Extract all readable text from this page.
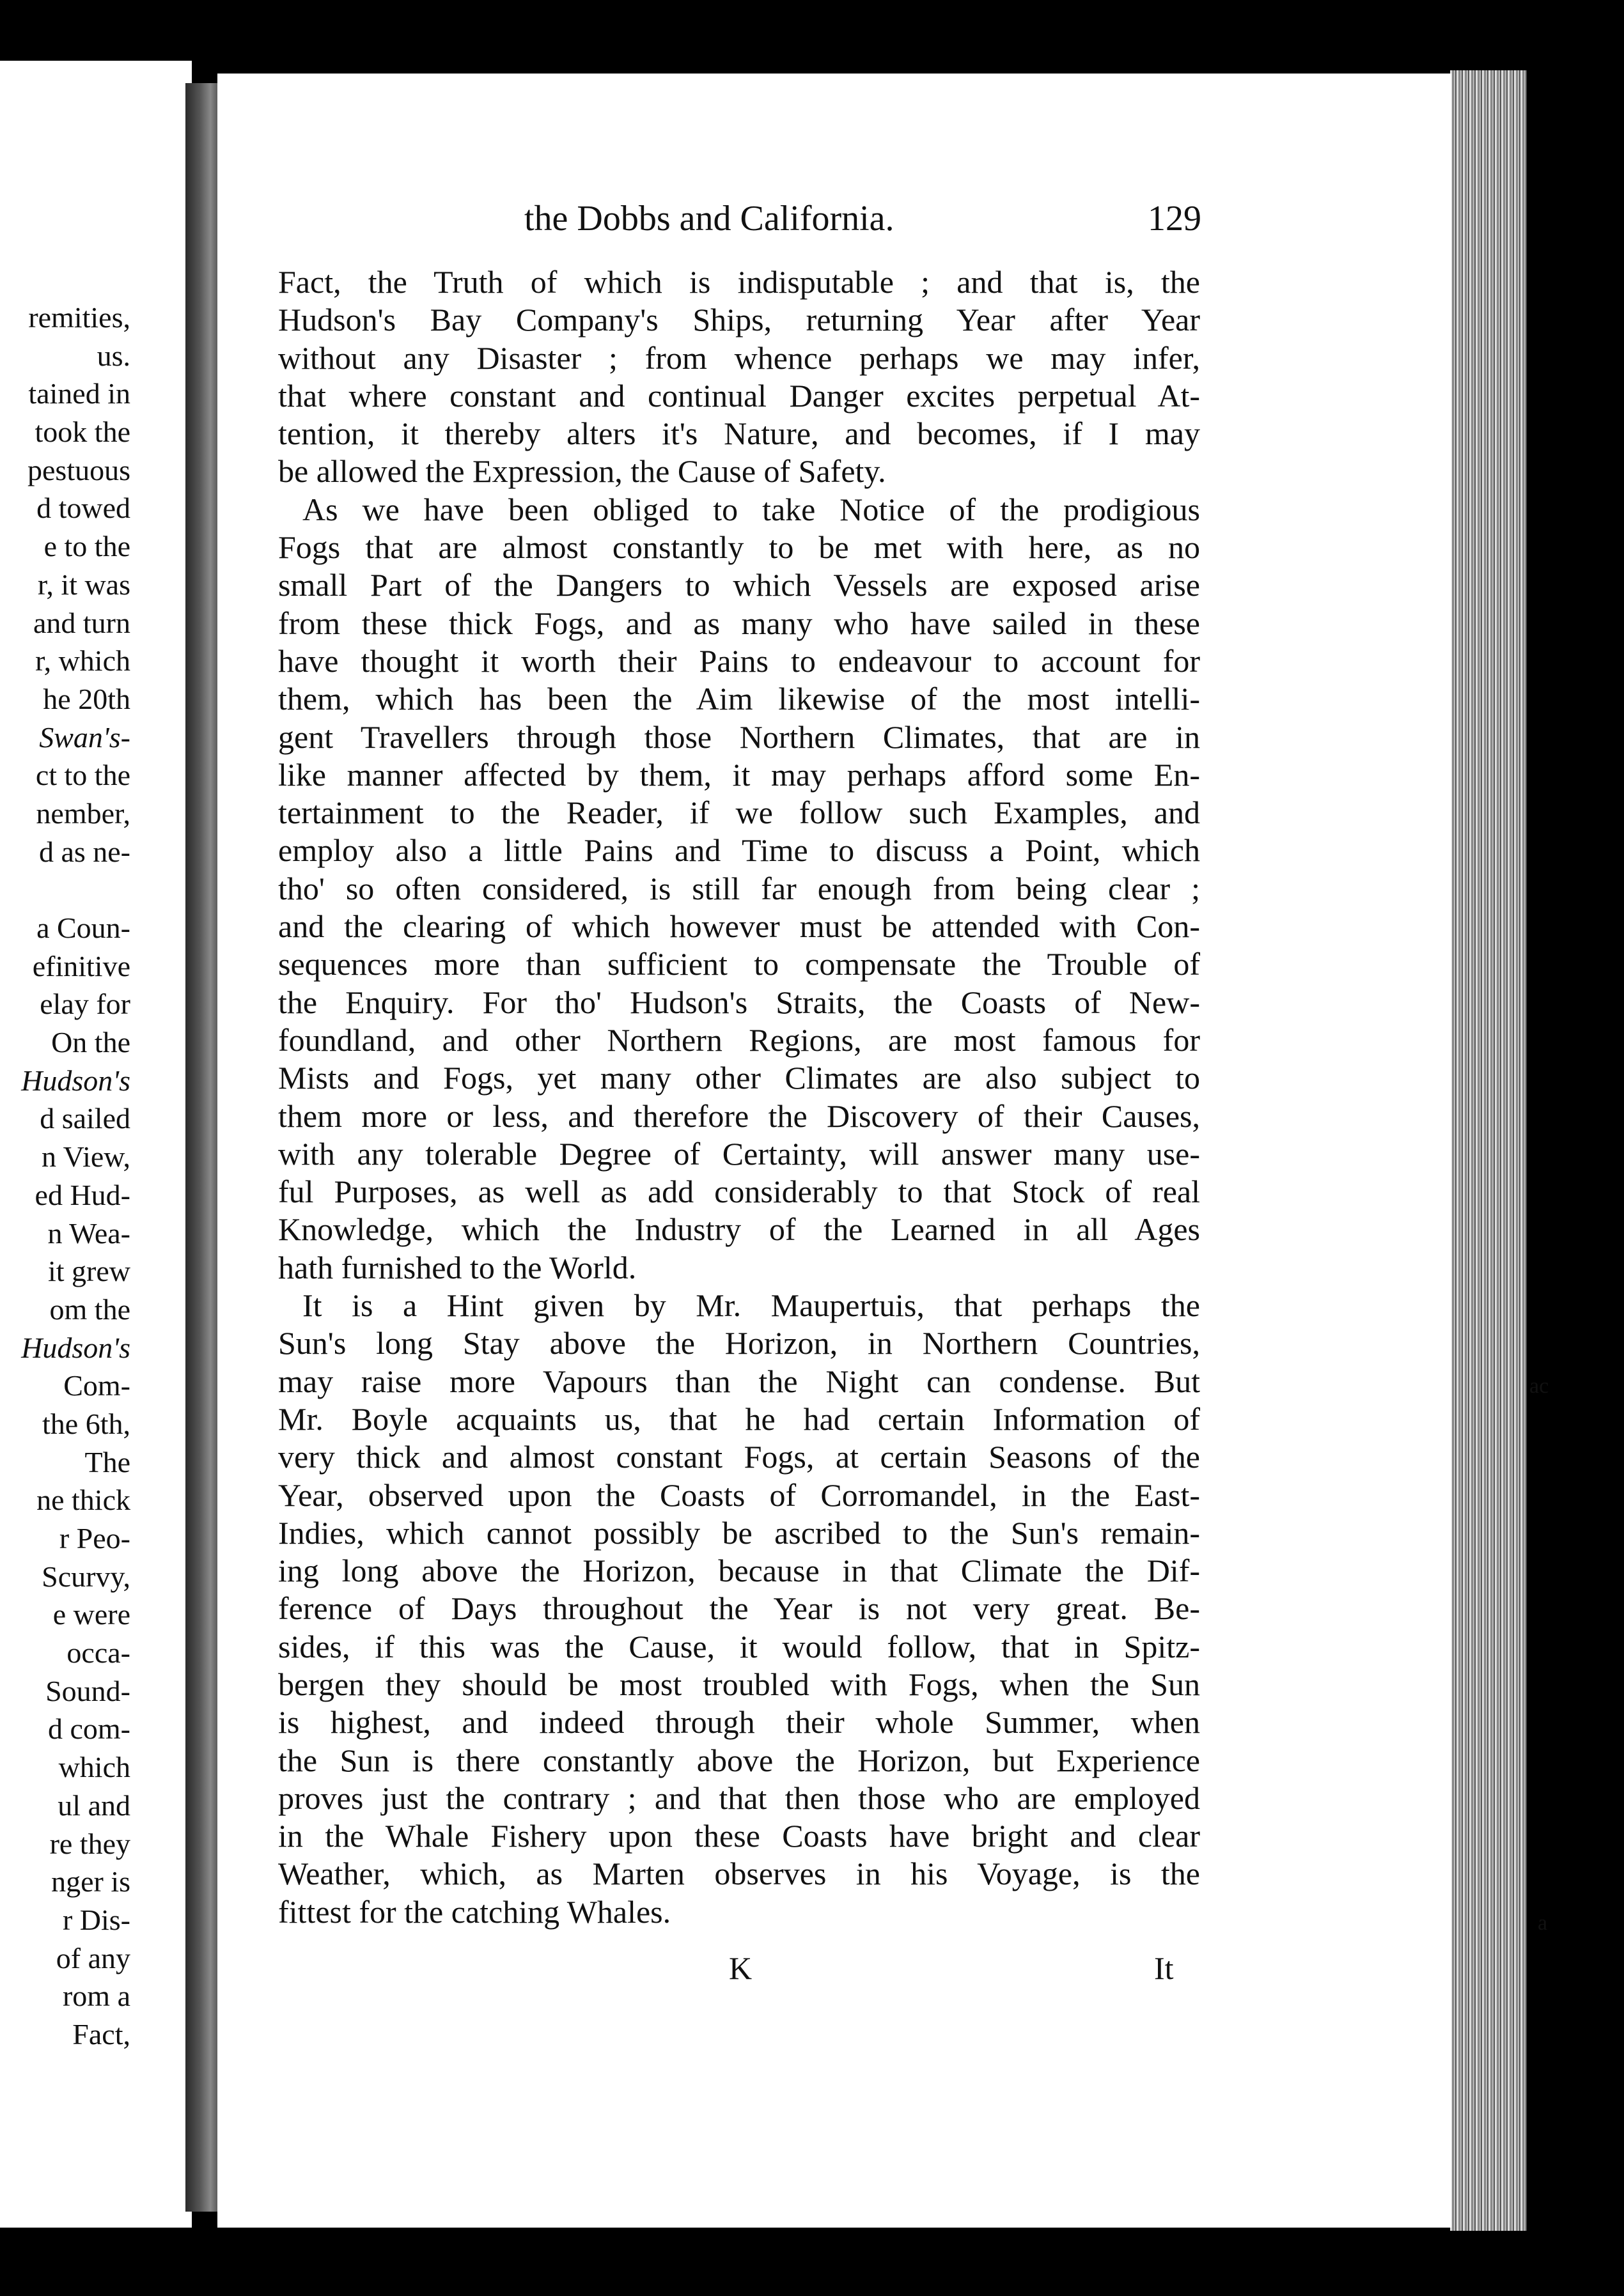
remities,
us.
tained in
took the
pestuous
d towed
e to the
r, it was
and turn
r, which
he 20th
Swan's-
ct to the
nember,
d as ne-
a Coun-
efinitive
elay for
On the
Hudson's
d sailed
n View,
ed Hud-
n Wea-
it grew
om the
Hudson's
Com-
the 6th,
The
ne thick
r Peo-
Scurvy,
e were
occa-
Sound-
d com-
which
ul and
re they
nger is
r Dis-
of any
rom a
Fact,
the Dobbs and California.	129
Fact, the Truth of which is indisputable ; and that is, the
Hudson's Bay Company's Ships, returning Year after Year
without any Disaster ; from whence perhaps we may infer,
that where constant and continual Danger excites perpetual At-
tention, it thereby alters it's Nature, and becomes, if I may
be allowed the Expression, the Cause of Safety.
As we have been obliged to take Notice of the prodigious
Fogs that are almost constantly to be met with here, as no
small Part of the Dangers to which Vessels are exposed arise
from these thick Fogs, and as many who have sailed in these
have thought it worth their Pains to endeavour to account for
them, which has been the Aim likewise of the most intelli-
gent Travellers through those Northern Climates, that are in
like manner affected by them, it may perhaps afford some En-
tertainment to the Reader, if we follow such Examples, and
employ also a little Pains and Time to discuss a Point, which
tho' so often considered, is still far enough from being clear ;
and the clearing of which however must be attended with Con-
sequences more than sufficient to compensate the Trouble of
the Enquiry. For tho' Hudson's Straits, the Coasts of New-
foundland, and other Northern Regions, are most famous for
Mists and Fogs, yet many other Climates are also subject to
them more or less, and therefore the Discovery of their Causes,
with any tolerable Degree of Certainty, will answer many use-
ful Purposes, as well as add considerably to that Stock of real
Knowledge, which the Industry of the Learned in all Ages
hath furnished to the World.
It is a Hint given by Mr. Maupertuis, that perhaps the
Sun's long Stay above the Horizon, in Northern Countries,
may raise more Vapours than the Night can condense. But
Mr. Boyle acquaints us, that he had certain Information of
very thick and almost constant Fogs, at certain Seasons of the
Year, observed upon the Coasts of Corromandel, in the East-
Indies, which cannot possibly be ascribed to the Sun's remain-
ing long above the Horizon, because in that Climate the Dif-
ference of Days throughout the Year is not very great. Be-
sides, if this was the Cause, it would follow, that in Spitz-
bergen they should be most troubled with Fogs, when the Sun
is highest, and indeed through their whole Summer, when
the Sun is there constantly above the Horizon, but Experience
proves just the contrary ; and that then those who are employed
in the Whale Fishery upon these Coasts have bright and clear
Weather, which, as Marten observes in his Voyage, is the
fittest for the catching Whales.
K	It
ac
a
